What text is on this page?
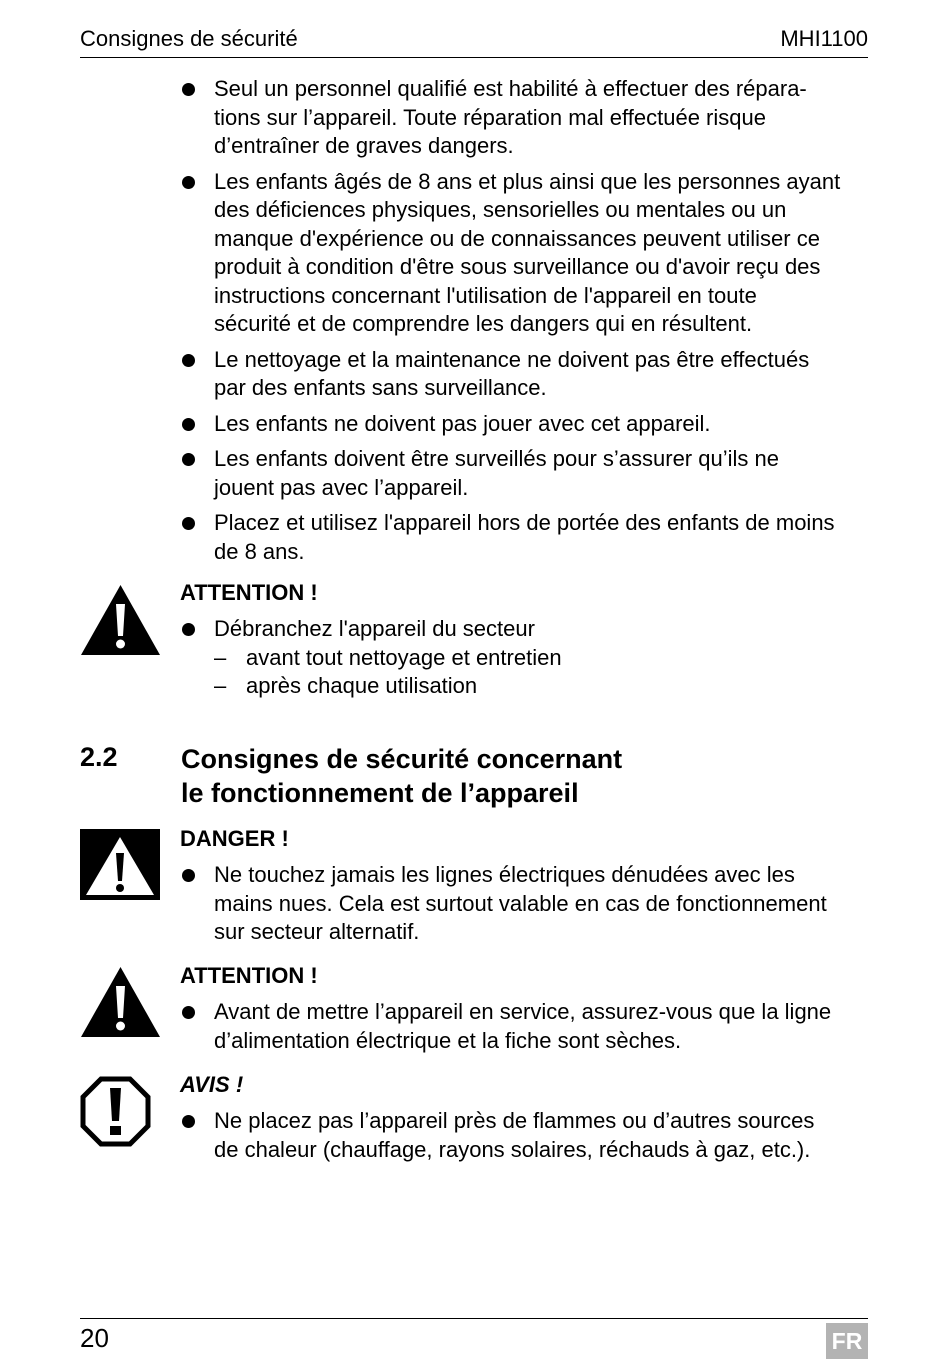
Consignes de sécurité	MHI1100
Seul un personnel qualifié est habilité à effectuer des répara-
tions sur l’appareil. Toute réparation mal effectuée risque
d’entraîner de graves dangers.
Les enfants âgés de 8 ans et plus ainsi que les personnes ayant
des déficiences physiques, sensorielles ou mentales ou un
manque d'expérience ou de connaissances peuvent utiliser ce
produit à condition d'être sous surveillance ou d'avoir reçu des
instructions concernant l'utilisation de l'appareil en toute
sécurité et de comprendre les dangers qui en résultent.
Le nettoyage et la maintenance ne doivent pas être effectués
par des enfants sans surveillance.
Les enfants ne doivent pas jouer avec cet appareil.
Les enfants doivent être surveillés pour s’assurer qu’ils ne
jouent pas avec l’appareil.
Placez et utilisez l'appareil hors de portée des enfants de moins
de 8 ans.
ATTENTION !
Débranchez l'appareil du secteur
– avant tout nettoyage et entretien
– après chaque utilisation
2.2 Consignes de sécurité concernant
le fonctionnement de l’appareil
DANGER !
Ne touchez jamais les lignes électriques dénudées avec les
mains nues. Cela est surtout valable en cas de fonctionnement
sur secteur alternatif.
ATTENTION !
Avant de mettre l’appareil en service, assurez-vous que la ligne
d’alimentation électrique et la fiche sont sèches.
AVIS !
Ne placez pas l’appareil près de flammes ou d’autres sources
de chaleur (chauffage, rayons solaires, réchauds à gaz, etc.).
20	FR
